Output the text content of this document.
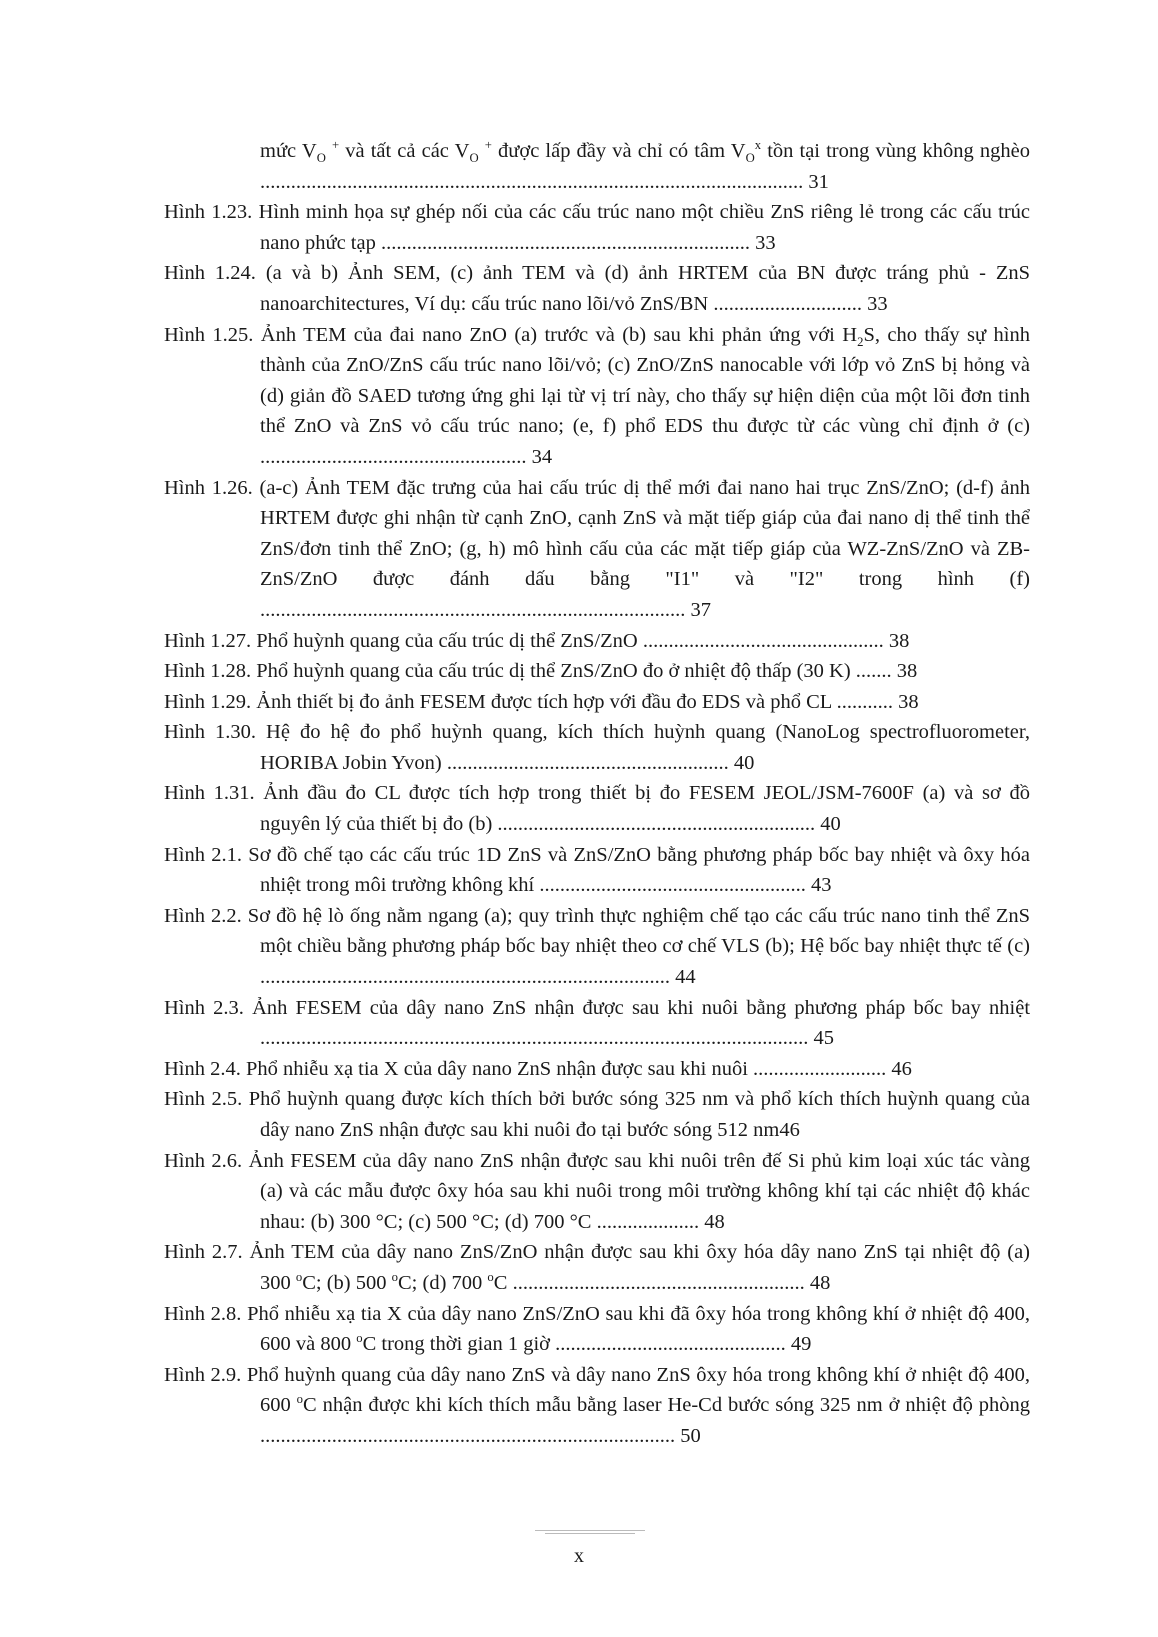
mức $V_O$ + và tất cả các $V_O$ + được lấp đầy và chỉ có tâm $V_O^x$ tồn tại trong vùng không nghèo .......................................................................................................... 31
Hình 1.23. Hình minh họa sự ghép nối của các cấu trúc nano một chiều ZnS riêng lẻ trong các cấu trúc nano phức tạp ........................................................................ 33
Hình 1.24. (a và b) Ảnh SEM, (c) ảnh TEM và (d) ảnh HRTEM của BN được tráng phủ - ZnS nanoarchitectures, Ví dụ: cấu trúc nano lõi/vỏ ZnS/BN ............................. 33
Hình 1.25. Ảnh TEM của đai nano ZnO (a) trước và (b) sau khi phản ứng với $H_2S$, cho thấy sự hình thành của ZnO/ZnS cấu trúc nano lõi/vỏ; (c) ZnO/ZnS nanocable với lớp vỏ ZnS bị hỏng và (d) giản đồ SAED tương ứng ghi lại từ vị trí này, cho thấy sự hiện diện của một lõi đơn tinh thể ZnO và ZnS vỏ cấu trúc nano; (e, f) phổ EDS thu được từ các vùng chỉ định ở (c) .................................................... 34
Hình 1.26. (a-c) Ảnh TEM đặc trưng của hai cấu trúc dị thể mới đai nano hai trục ZnS/ZnO; (d-f) ảnh HRTEM được ghi nhận từ cạnh ZnO, cạnh ZnS và mặt tiếp giáp của đai nano dị thể tinh thể ZnS/đơn tinh thể ZnO; (g, h) mô hình cấu của các mặt tiếp giáp của WZ-ZnS/ZnO và ZB-ZnS/ZnO được đánh dấu bằng "I1" và "I2" trong hình (f) ................................................................................... 37
Hình 1.27. Phổ huỳnh quang của cấu trúc dị thể ZnS/ZnO ............................................... 38
Hình 1.28. Phổ huỳnh quang của cấu trúc dị thể ZnS/ZnO đo ở nhiệt độ thấp (30 K) ....... 38
Hình 1.29. Ảnh thiết bị đo ảnh FESEM được tích hợp với đầu đo EDS và phổ CL ........... 38
Hình 1.30. Hệ đo hệ đo phổ huỳnh quang, kích thích huỳnh quang (NanoLog spectrofluorometer, HORIBA Jobin Yvon) ....................................................... 40
Hình 1.31. Ảnh đầu đo CL được tích hợp trong thiết bị đo FESEM JEOL/JSM-7600F (a) và sơ đồ nguyên lý của thiết bị đo (b) .............................................................. 40
Hình 2.1. Sơ đồ chế tạo các cấu trúc 1D ZnS và ZnS/ZnO bằng phương pháp bốc bay nhiệt và ôxy hóa nhiệt trong môi trường không khí .................................................... 43
Hình 2.2. Sơ đồ hệ lò ống nằm ngang (a); quy trình thực nghiệm chế tạo các cấu trúc nano tinh thể ZnS một chiều bằng phương pháp bốc bay nhiệt theo cơ chế VLS (b); Hệ bốc bay nhiệt thực tế (c) ................................................................................ 44
Hình 2.3. Ảnh FESEM của dây nano ZnS nhận được sau khi nuôi bằng phương pháp bốc bay nhiệt ........................................................................................................... 45
Hình 2.4. Phổ nhiễu xạ tia X của dây nano ZnS nhận được sau khi nuôi .......................... 46
Hình 2.5. Phổ huỳnh quang được kích thích bởi bước sóng 325 nm và phổ kích thích huỳnh quang của dây nano ZnS nhận được sau khi nuôi đo tại bước sóng 512 nm46
Hình 2.6. Ảnh FESEM của dây nano ZnS nhận được sau khi nuôi trên đế Si phủ kim loại xúc tác vàng (a) và các mẫu được ôxy hóa sau khi nuôi trong môi trường không khí tại các nhiệt độ khác nhau: (b) 300 °C; (c) 500 °C; (d) 700 °C .................... 48
Hình 2.7. Ảnh TEM của dây nano ZnS/ZnO nhận được sau khi ôxy hóa dây nano ZnS tại nhiệt độ (a) 300 $^o$C; (b) 500 $^o$C; (d) 700 $^o$C ......................................................... 48
Hình 2.8. Phổ nhiễu xạ tia X của dây nano ZnS/ZnO sau khi đã ôxy hóa trong không khí ở nhiệt độ 400, 600 và 800 $^o$C trong thời gian 1 giờ ............................................. 49
Hình 2.9. Phổ huỳnh quang của dây nano ZnS và dây nano ZnS ôxy hóa trong không khí ở nhiệt độ 400, 600 $^o$C nhận được khi kích thích mẫu bằng laser He-Cd bước sóng 325 nm ở nhiệt độ phòng ................................................................................. 50
x
